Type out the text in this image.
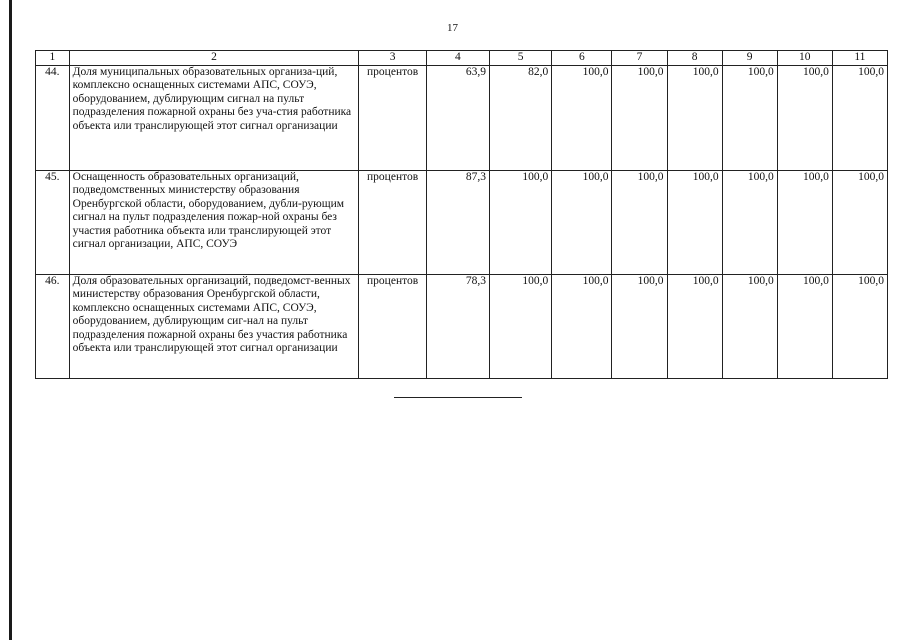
17
1	2	3	4	5	6	7	8	9	10	11
44.	Доля муниципальных образовательных организа-ций, комплексно оснащенных системами АПС, СОУЭ, оборудованием, дублирующим сигнал на пульт подразделения пожарной охраны без уча-стия работника объекта или транслирующей этот сигнал организации	процентов	63,9	82,0	100,0	100,0	100,0	100,0	100,0	100,0
45.	Оснащенность образовательных организаций, подведомственных министерству образования Оренбургской области, оборудованием, дубли-рующим сигнал на пульт подразделения пожар-ной охраны без участия работника объекта или транслирующей этот сигнал организации, АПС, СОУЭ	процентов	87,3	100,0	100,0	100,0	100,0	100,0	100,0	100,0
46.	Доля образовательных организаций, подведомст-венных министерству образования Оренбургской области, комплексно оснащенных системами АПС, СОУЭ, оборудованием, дублирующим сиг-нал на пульт подразделения пожарной охраны без участия работника объекта или транслирующей этот сигнал организации	процентов	78,3	100,0	100,0	100,0	100,0	100,0	100,0	100,0
